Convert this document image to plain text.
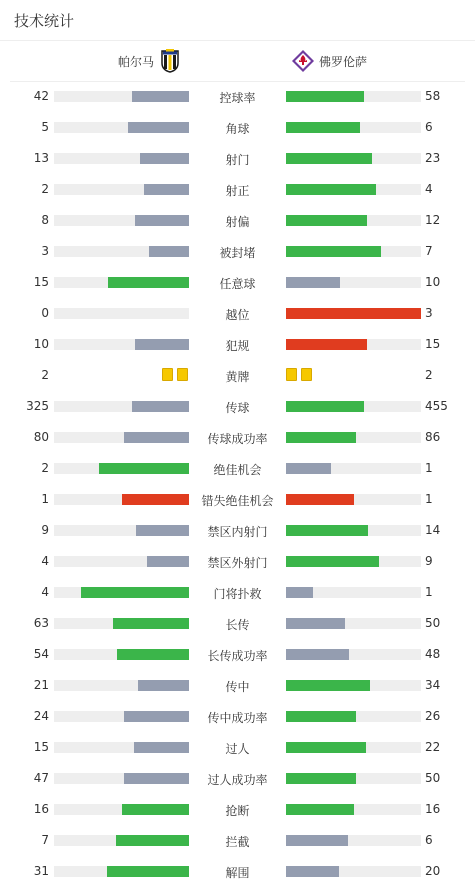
技术统计
帕尔马	佛罗伦萨
42	控球率	58
5	角球	6
13	射门	23
2	射正	4
8	射偏	12
3	被封堵	7
15	任意球	10
0	越位	3
10	犯规	15
2	黄牌	2
325	传球	455
80	传球成功率	86
2	绝佳机会	1
1	错失绝佳机会	1
9	禁区内射门	14
4	禁区外射门	9
4	门将扑救	1
63	长传	50
54	长传成功率	48
21	传中	34
24	传中成功率	26
15	过人	22
47	过人成功率	50
16	抢断	16
7	拦截	6
31	解围	20
